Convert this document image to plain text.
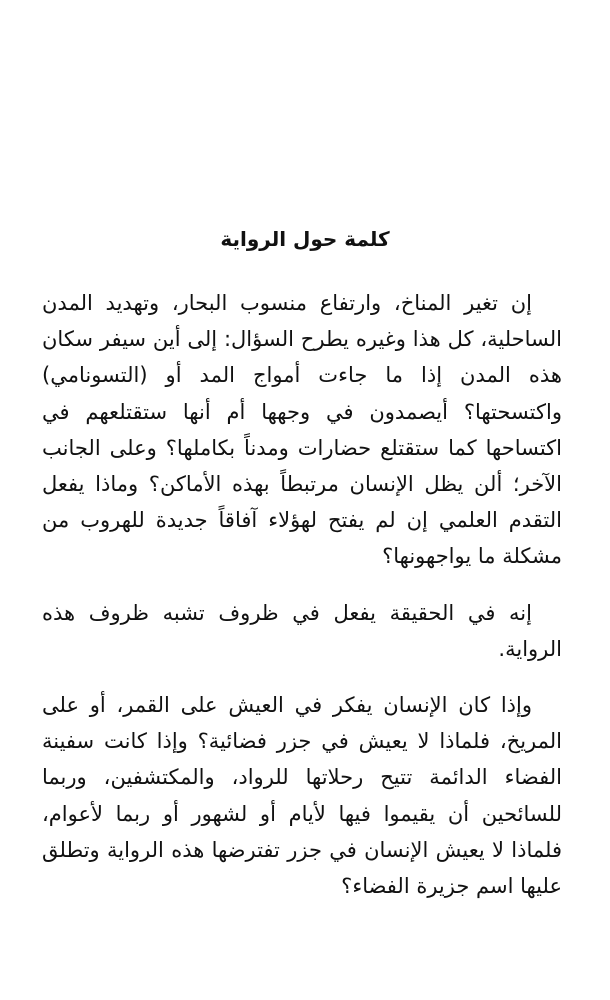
كلمة حول الرواية

إن تغير المناخ، وارتفاع منسوب البحار، وتهديد المدن الساحلية، كل هذا وغيره يطرح السؤال: إلى أين سيفر سكان هذه المدن إذا ما جاءت أمواج المد أو (التسونامي) واكتسحتها؟ أيصمدون في وجهها أم أنها ستقتلعهم في اكتساحها كما ستقتلع حضارات ومدناً بكاملها؟ وعلى الجانب الآخر؛ ألن يظل الإنسان مرتبطاً بهذه الأماكن؟ وماذا يفعل التقدم العلمي إن لم يفتح لهؤلاء آفاقاً جديدة للهروب من مشكلة ما يواجهونها؟

إنه في الحقيقة يفعل في ظروف تشبه ظروف هذه الرواية.

وإذا كان الإنسان يفكر في العيش على القمر، أو على المريخ، فلماذا لا يعيش في جزر فضائية؟ وإذا كانت سفينة الفضاء الدائمة تتيح رحلاتها للرواد، والمكتشفين، وربما للسائحين أن يقيموا فيها لأيام أو لشهور أو ربما لأعوام، فلماذا لا يعيش الإنسان في جزر تفترضها هذه الرواية وتطلق عليها اسم جزيرة الفضاء؟
